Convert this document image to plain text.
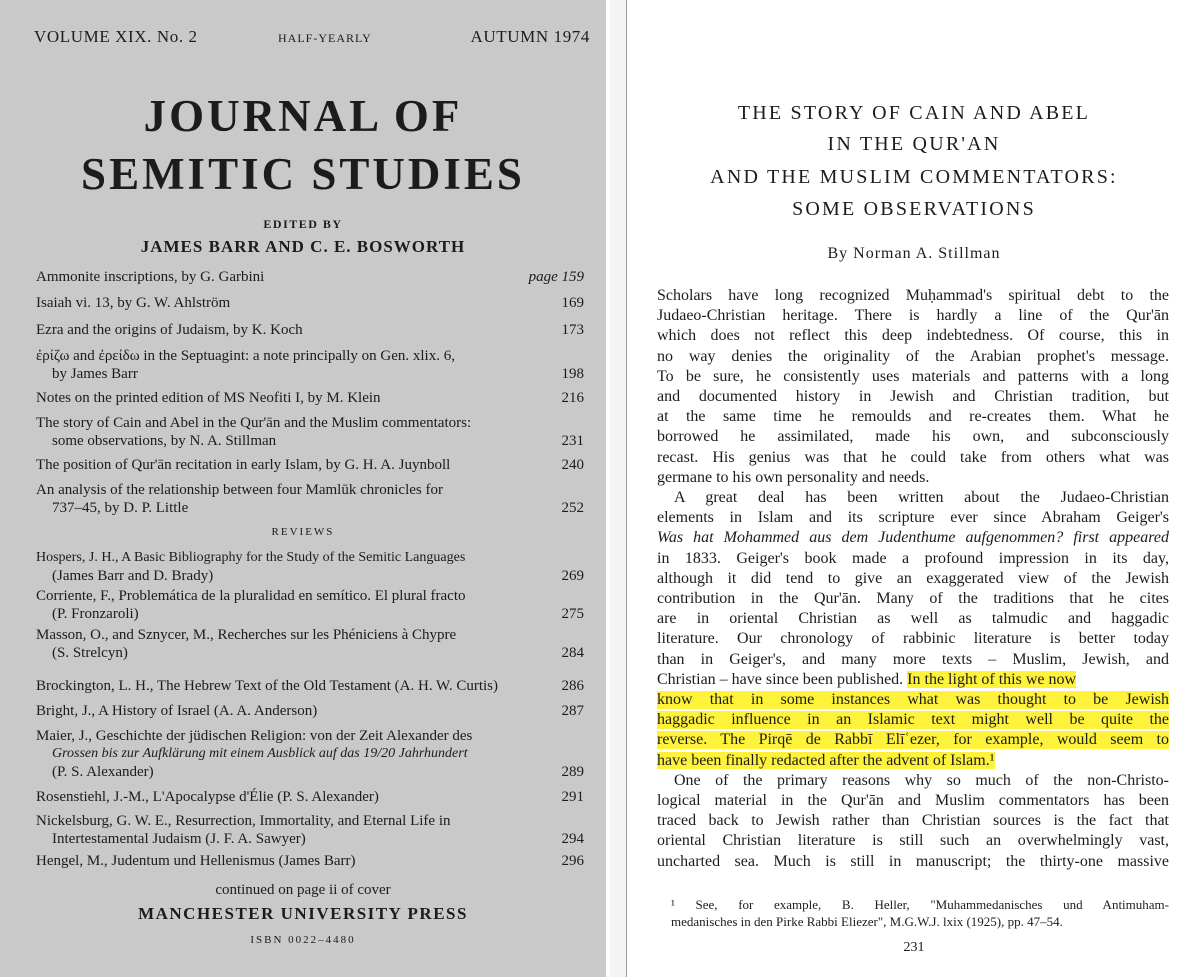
VOLUME XIX. No. 2	HALF-YEARLY	AUTUMN 1974
JOURNAL OF
SEMITIC STUDIES
EDITED BY
JAMES BARR AND C. E. BOSWORTH
Ammonite inscriptions, by G. Garbini	page 159
Isaiah vi. 13, by G. W. Ahlström	169
Ezra and the origins of Judaism, by K. Koch	173
ἐρίζω and ἐρείδω in the Septuagint: a note principally on Gen. xlix. 6,
by James Barr	198
Notes on the printed edition of MS Neofiti I, by M. Klein	216
The story of Cain and Abel in the Qur'ān and the Muslim commentators:
some observations, by N. A. Stillman	231
The position of Qur'ān recitation in early Islam, by G. H. A. Juynboll	240
An analysis of the relationship between four Mamlūk chronicles for
737–45, by D. P. Little	252
REVIEWS
Hospers, J. H., A Basic Bibliography for the Study of the Semitic Languages
(James Barr and D. Brady)	269
Corriente, F., Problemática de la pluralidad en semítico. El plural fracto
(P. Fronzaroli)	275
Masson, O., and Sznycer, M., Recherches sur les Phéniciens à Chypre
(S. Strelcyn)	284
Brockington, L. H., The Hebrew Text of the Old Testament (A. H. W. Curtis)	286
Bright, J., A History of Israel (A. A. Anderson)	287
Maier, J., Geschichte der jüdischen Religion: von der Zeit Alexander des
Grossen bis zur Aufklärung mit einem Ausblick auf das 19/20 Jahrhundert
(P. S. Alexander)	289
Rosenstiehl, J.-M., L'Apocalypse d'Élie (P. S. Alexander)	291
Nickelsburg, G. W. E., Resurrection, Immortality, and Eternal Life in
Intertestamental Judaism (J. F. A. Sawyer)	294
Hengel, M., Judentum und Hellenismus (James Barr)	296
continued on page ii of cover
MANCHESTER UNIVERSITY PRESS
ISBN 0022–4480
THE STORY OF CAIN AND ABEL
IN THE QUR'AN
AND THE MUSLIM COMMENTATORS:
SOME OBSERVATIONS
By Norman A. Stillman
Scholars have long recognized Muḥammad's spiritual debt to the
Judaeo-Christian heritage. There is hardly a line of the Qur'ān
which does not reflect this deep indebtedness. Of course, this in
no way denies the originality of the Arabian prophet's message.
To be sure, he consistently uses materials and patterns with a long
and documented history in Jewish and Christian tradition, but
at the same time he remoulds and re-creates them. What he
borrowed he assimilated, made his own, and subconsciously
recast. His genius was that he could take from others what was
germane to his own personality and needs.
A great deal has been written about the Judaeo-Christian
elements in Islam and its scripture ever since Abraham Geiger's
Was hat Mohammed aus dem Judenthume aufgenommen? first appeared
in 1833. Geiger's book made a profound impression in its day,
although it did tend to give an exaggerated view of the Jewish
contribution in the Qur'ān. Many of the traditions that he cites
are in oriental Christian as well as talmudic and haggadic
literature. Our chronology of rabbinic literature is better today
than in Geiger's, and many more texts – Muslim, Jewish, and
Christian – have since been published. In the light of this we now
know that in some instances what was thought to be Jewish
haggadic influence in an Islamic text might well be quite the
reverse. The Pirqē de Rabbī Elīʿezer, for example, would seem to
have been finally redacted after the advent of Islam.¹
One of the primary reasons why so much of the non-Christo-
logical material in the Qur'ān and Muslim commentators has been
traced back to Jewish rather than Christian sources is the fact that
oriental Christian literature is still such an overwhelmingly vast,
uncharted sea. Much is still in manuscript; the thirty-one massive
¹ See, for example, B. Heller, "Muhammedanisches und Antimuham-
medanisches in den Pirke Rabbi Eliezer", M.G.W.J. lxix (1925), pp. 47–54.
231
